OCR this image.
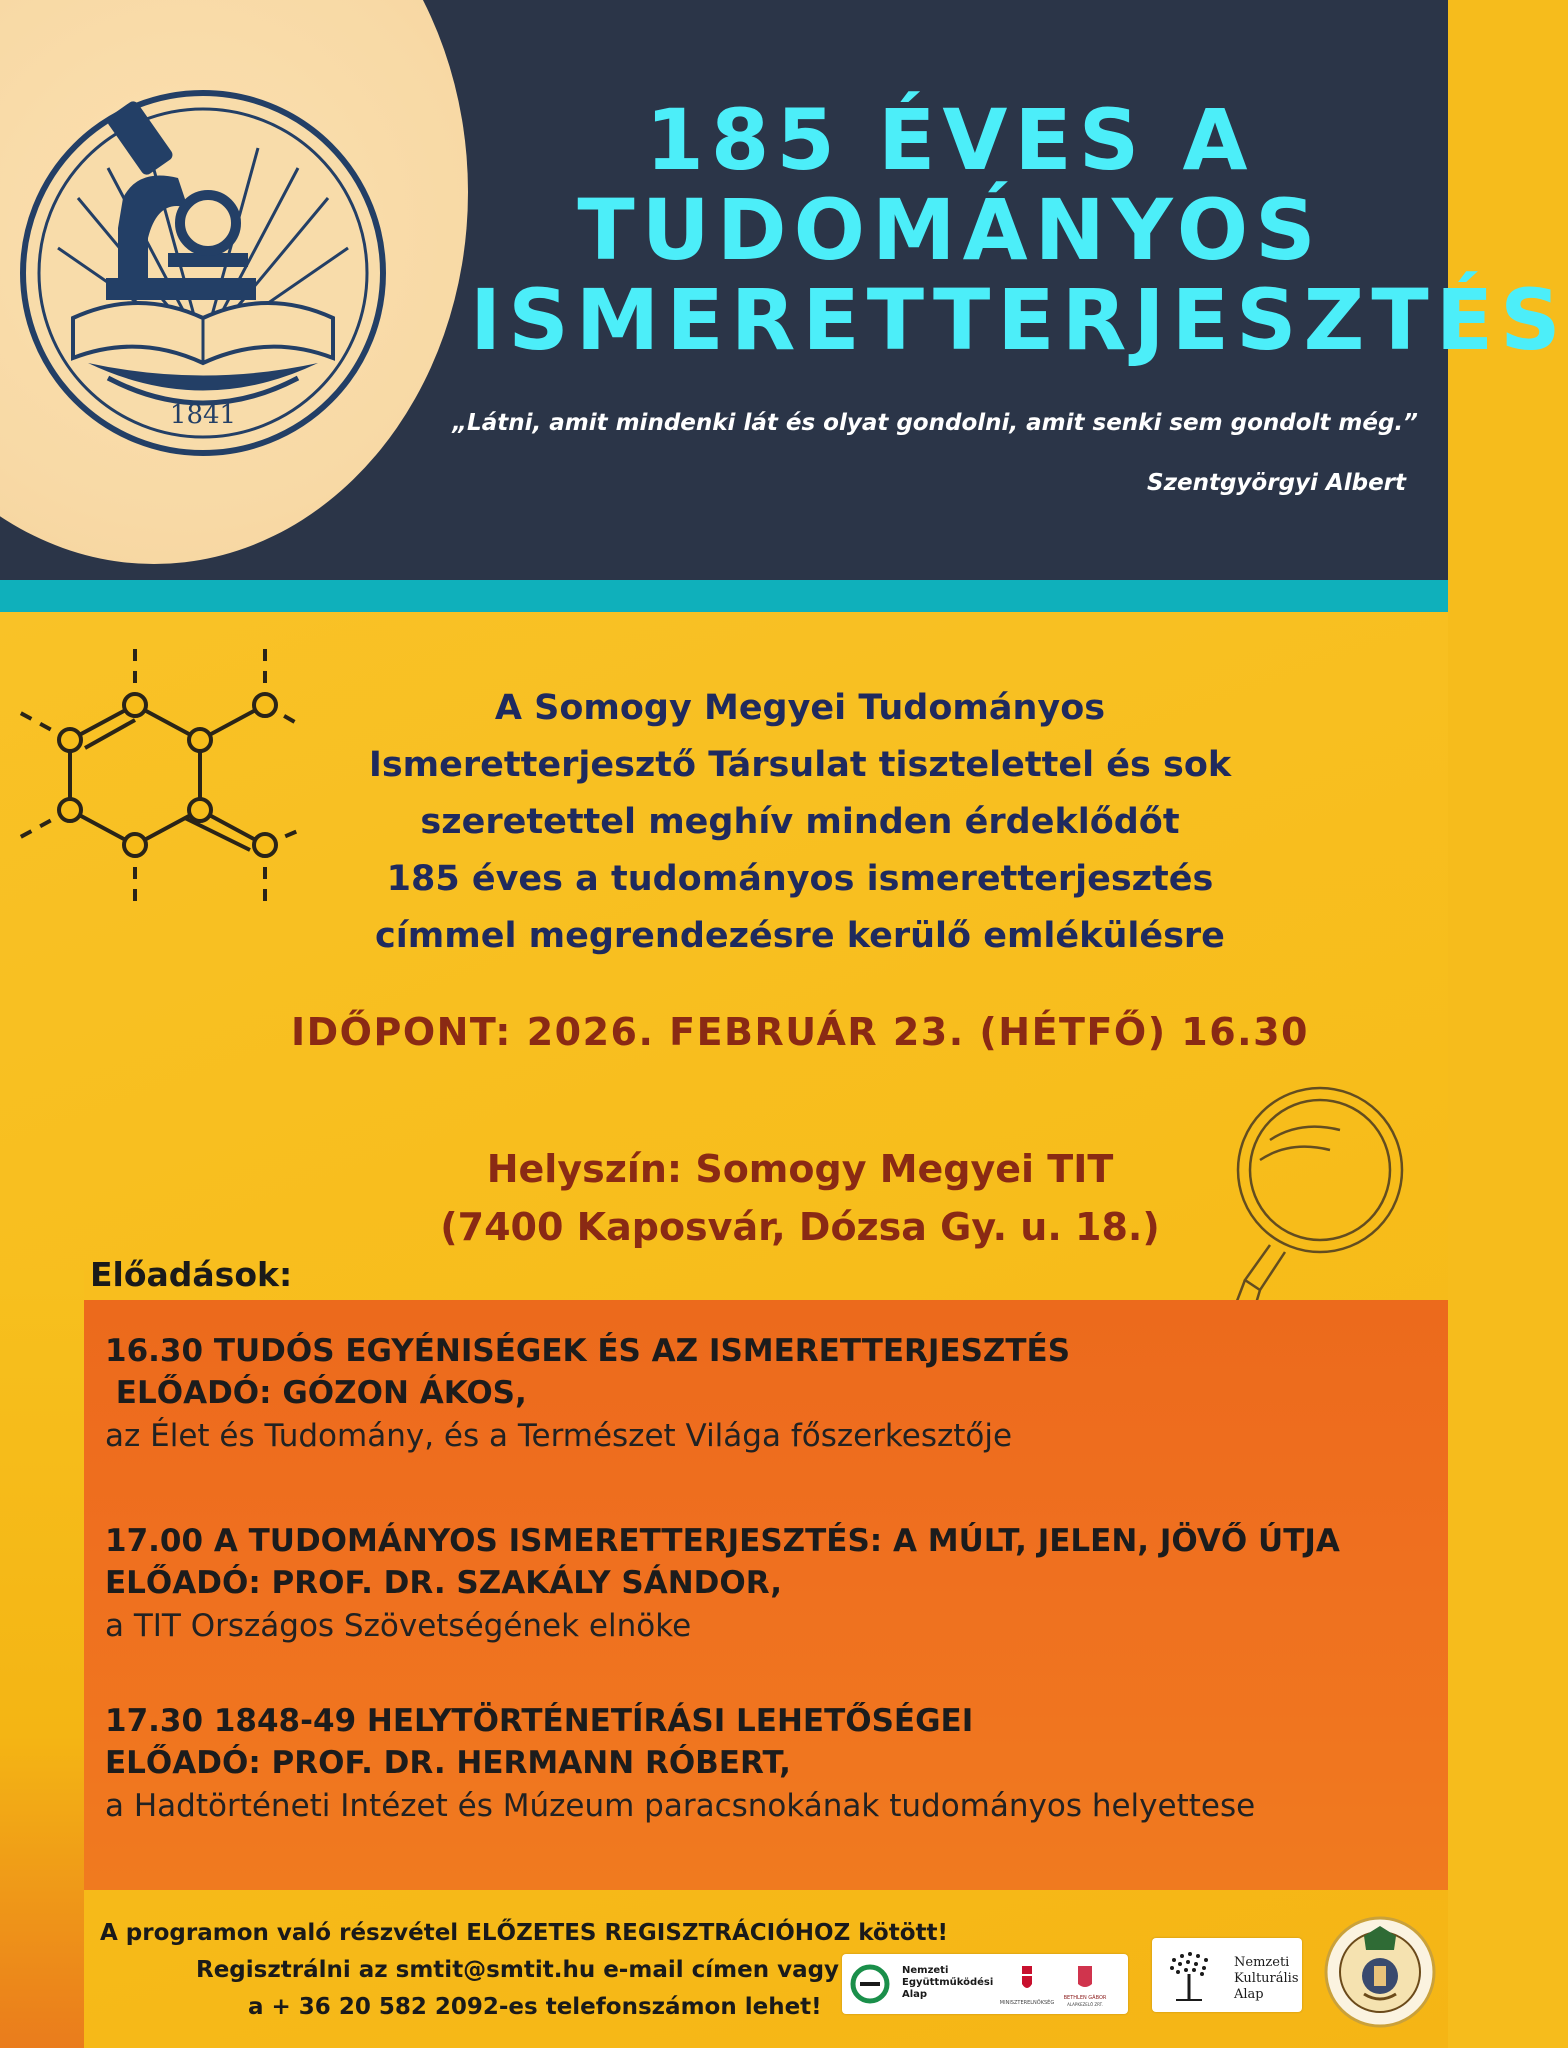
1841
185 ÉVES A
TUDOMÁNYOS
ISMERETTERJESZTÉS
„Látni, amit mindenki lát és olyat gondolni, amit senki sem gondolt még.”
Szentgyörgyi Albert
A Somogy Megyei Tudományos
Ismeretterjesztő Társulat tisztelettel és sok
szeretettel meghív minden érdeklődőt
185 éves a tudományos ismeretterjesztés
címmel megrendezésre kerülő emlékülésre
IDŐPONT: 2026. FEBRUÁR 23. (HÉTFŐ) 16.30
Helyszín: Somogy Megyei TIT
(7400 Kaposvár, Dózsa Gy. u. 18.)
Előadások:
16.30 TUDÓS EGYÉNISÉGEK ÉS AZ ISMERETTERJESZTÉS
ELŐADÓ: GÓZON ÁKOS,
az Élet és Tudomány, és a Természet Világa főszerkesztője
17.00 A TUDOMÁNYOS ISMERETTERJESZTÉS: A MÚLT, JELEN, JÖVŐ ÚTJA
ELŐADÓ: PROF. DR. SZAKÁLY SÁNDOR,
a TIT Országos Szövetségének elnöke
17.30 1848-49 HELYTÖRTÉNETÍRÁSI LEHETŐSÉGEI
ELŐADÓ: PROF. DR. HERMANN RÓBERT,
a Hadtörténeti Intézet és Múzeum paracsnokának tudományos helyettese
A programon való részvétel ELŐZETES REGISZTRÁCIÓHOZ kötött!
Regisztrálni az smtit@smtit.hu e-mail címen vagy
a + 36 20 582 2092-es telefonszámon lehet!
Nemzeti
Együttműködési
Alap
MINISZTERELNÖKSÉG
BETHLEN GÁBOR
ALAPKEZELŐ ZRT.
Nemzeti
Kulturális
Alap
